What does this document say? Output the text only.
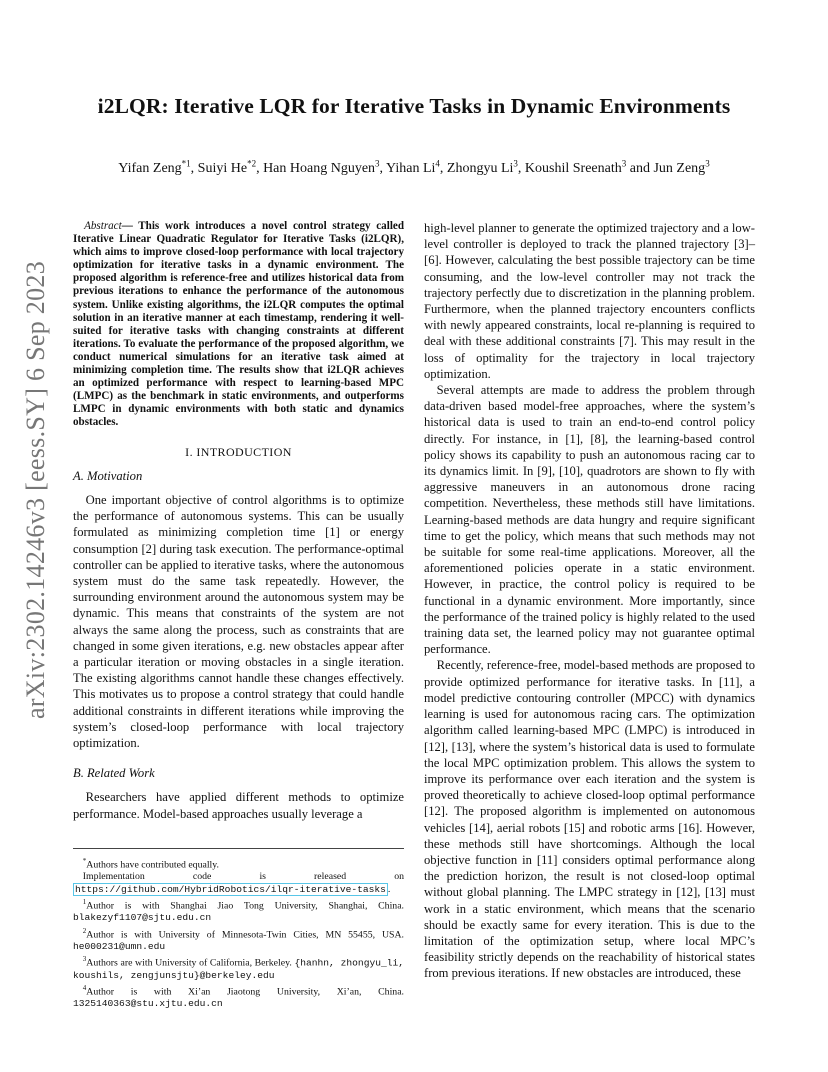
arXiv:2302.14246v3 [eess.SY] 6 Sep 2023
i2LQR: Iterative LQR for Iterative Tasks in Dynamic Environments
Yifan Zeng$^{*1}$, Suiyi He$^{*2}$, Han Hoang Nguyen$^3$, Yihan Li$^4$, Zhongyu Li$^3$, Koushil Sreenath$^3$ and Jun Zeng$^3$

Abstract— This work introduces a novel control strategy called Iterative Linear Quadratic Regulator for Iterative Tasks (i2LQR), which aims to improve closed-loop performance with local trajectory optimization for iterative tasks in a dynamic environment. The proposed algorithm is reference-free and utilizes historical data from previous iterations to enhance the performance of the autonomous system. Unlike existing algorithms, the i2LQR computes the optimal solution in an iterative manner at each timestamp, rendering it well-suited for iterative tasks with changing constraints at different iterations. To evaluate the performance of the proposed algorithm, we conduct numerical simulations for an iterative task aimed at minimizing completion time. The results show that i2LQR achieves an optimized performance with respect to learning-based MPC (LMPC) as the benchmark in static environments, and outperforms LMPC in dynamic environments with both static and dynamics obstacles.

I. INTRODUCTION
A. Motivation

One important objective of control algorithms is to optimize the performance of autonomous systems. This can be usually formulated as minimizing completion time [1] or energy consumption [2] during task execution. The performance-optimal controller can be applied to iterative tasks, where the autonomous system must do the same task repeatedly. However, the surrounding environment around the autonomous system may be dynamic. This means that constraints of the system are not always the same along the process, such as constraints that are changed in some given iterations, e.g. new obstacles appear after a particular iteration or moving obstacles in a single iteration. The existing algorithms cannot handle these changes effectively. This motivates us to propose a control strategy that could handle additional constraints in different iterations while improving the system’s closed-loop performance with local trajectory optimization.

B. Related Work

Researchers have applied different methods to optimize performance. Model-based approaches usually leverage a

*Authors have contributed equally.

Implementation code is released on https://github.com/HybridRobotics/ilqr-iterative-tasks .

$^1$Author is with Shanghai Jiao Tong University, Shanghai, China. blakezyf1107@sjtu.edu.cn

$^2$Author is with University of Minnesota-Twin Cities, MN 55455, USA. he000231@umn.edu

$^3$Authors are with University of California, Berkeley. {hanhn, zhongyu_li, koushils, zengjunsjtu}@berkeley.edu

$^4$Author is with Xi’an Jiaotong University, Xi’an, China. 1325140363@stu.xjtu.edu.cn

high-level planner to generate the optimized trajectory and a low-level controller is deployed to track the planned trajectory [3]–[6]. However, calculating the best possible trajectory can be time consuming, and the low-level controller may not track the trajectory perfectly due to discretization in the planning problem. Furthermore, when the planned trajectory encounters conflicts with newly appeared constraints, local re-planning is required to deal with these additional constraints [7]. This may result in the loss of optimality for the trajectory in local trajectory optimization.

Several attempts are made to address the problem through data-driven based model-free approaches, where the system’s historical data is used to train an end-to-end control policy directly. For instance, in [1], [8], the learning-based control policy shows its capability to push an autonomous racing car to its dynamics limit. In [9], [10], quadrotors are shown to fly with aggressive maneuvers in an autonomous drone racing competition. Nevertheless, these methods still have limitations. Learning-based methods are data hungry and require significant time to get the policy, which means that such methods may not be suitable for some real-time applications. Moreover, all the aforementioned policies operate in a static environment. However, in practice, the control policy is required to be functional in a dynamic environment. More importantly, since the performance of the trained policy is highly related to the used training data set, the learned policy may not guarantee optimal performance.

Recently, reference-free, model-based methods are proposed to provide optimized performance for iterative tasks. In [11], a model predictive contouring controller (MPCC) with dynamics learning is used for autonomous racing cars. The optimization algorithm called learning-based MPC (LMPC) is introduced in [12], [13], where the system’s historical data is used to formulate the local MPC optimization problem. This allows the system to improve its performance over each iteration and the system is proved theoretically to achieve closed-loop optimal performance [12]. The proposed algorithm is implemented on autonomous vehicles [14], aerial robots [15] and robotic arms [16]. However, these methods still have shortcomings. Although the local objective function in [11] considers optimal performance along the prediction horizon, the result is not closed-loop optimal without global planning. The LMPC strategy in [12], [13] must work in a static environment, which means that the scenario should be exactly same for every iteration. This is due to the limitation of the optimization setup, where local MPC’s feasibility strictly depends on the reachability of historical states from previous iterations. If new obstacles are introduced, these
